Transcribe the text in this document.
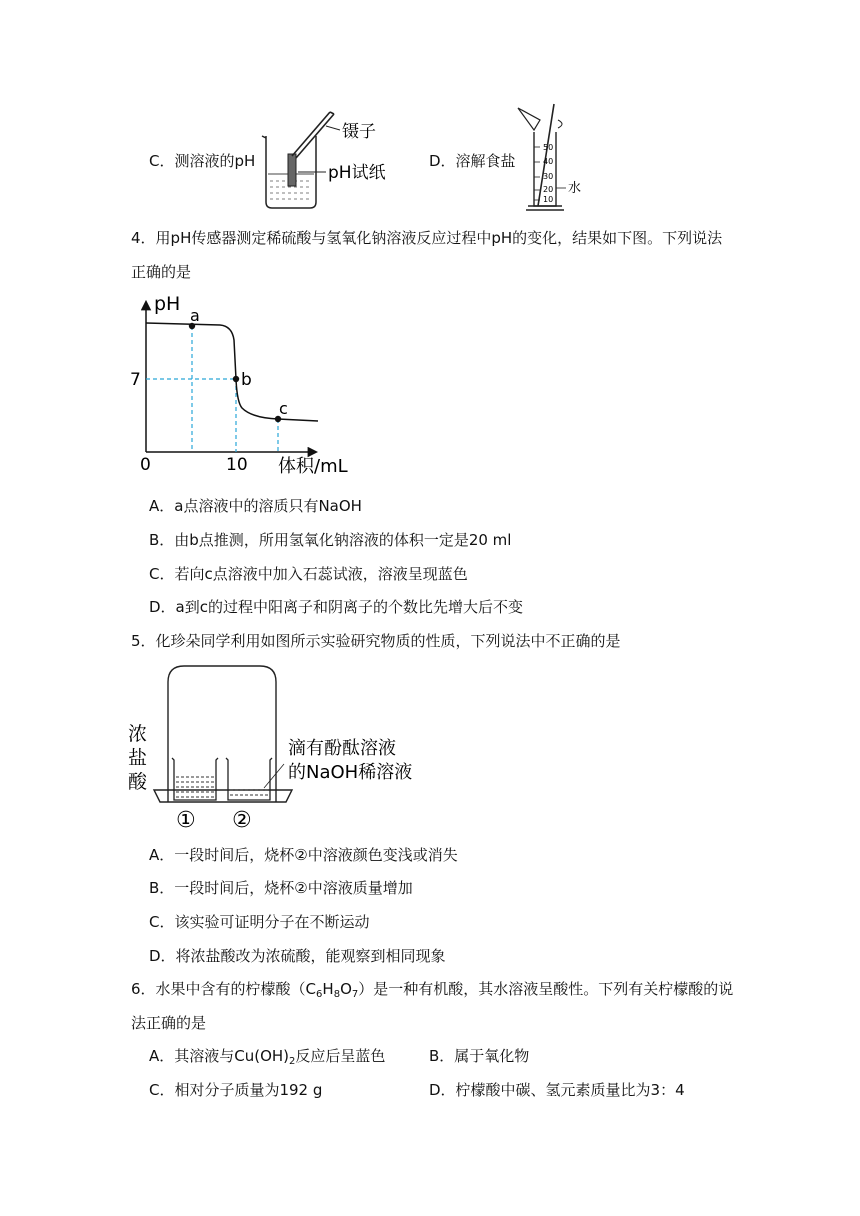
C．测溶液的pH
镊子
pH试纸
D．溶解食盐
50
40
30
20
10
水
4．用pH传感器测定稀硫酸与氢氧化钠溶液反应过程中pH的变化，结果如下图。下列说法
正确的是
pH
a
b
c
7
0	10 体积/mL
A．a点溶液中的溶质只有NaOH
B．由b点推测，所用氢氧化钠溶液的体积一定是20 ml
C．若向c点溶液中加入石蕊试液，溶液呈现蓝色
D．a到c的过程中阳离子和阴离子的个数比先增大后不变
5．化珍朵同学利用如图所示实验研究物质的性质，下列说法中不正确的是
浓
盐
酸
滴有酚酞溶液
的NaOH稀溶液
① ②
A．一段时间后，烧杯②中溶液颜色变浅或消失
B．一段时间后，烧杯②中溶液质量增加
C．该实验可证明分子在不断运动
D．将浓盐酸改为浓硫酸，能观察到相同现象
6．水果中含有的柠檬酸$(C_6H_8O_7)$是一种有机酸，其水溶液呈酸性。下列有关柠檬酸的说
法正确的是
A．其溶液与$Cu(OH)_2$反应后呈蓝色	B．属于氧化物
C．相对分子质量为192 g	D．柠檬酸中碳、氢元素质量比为3：4
